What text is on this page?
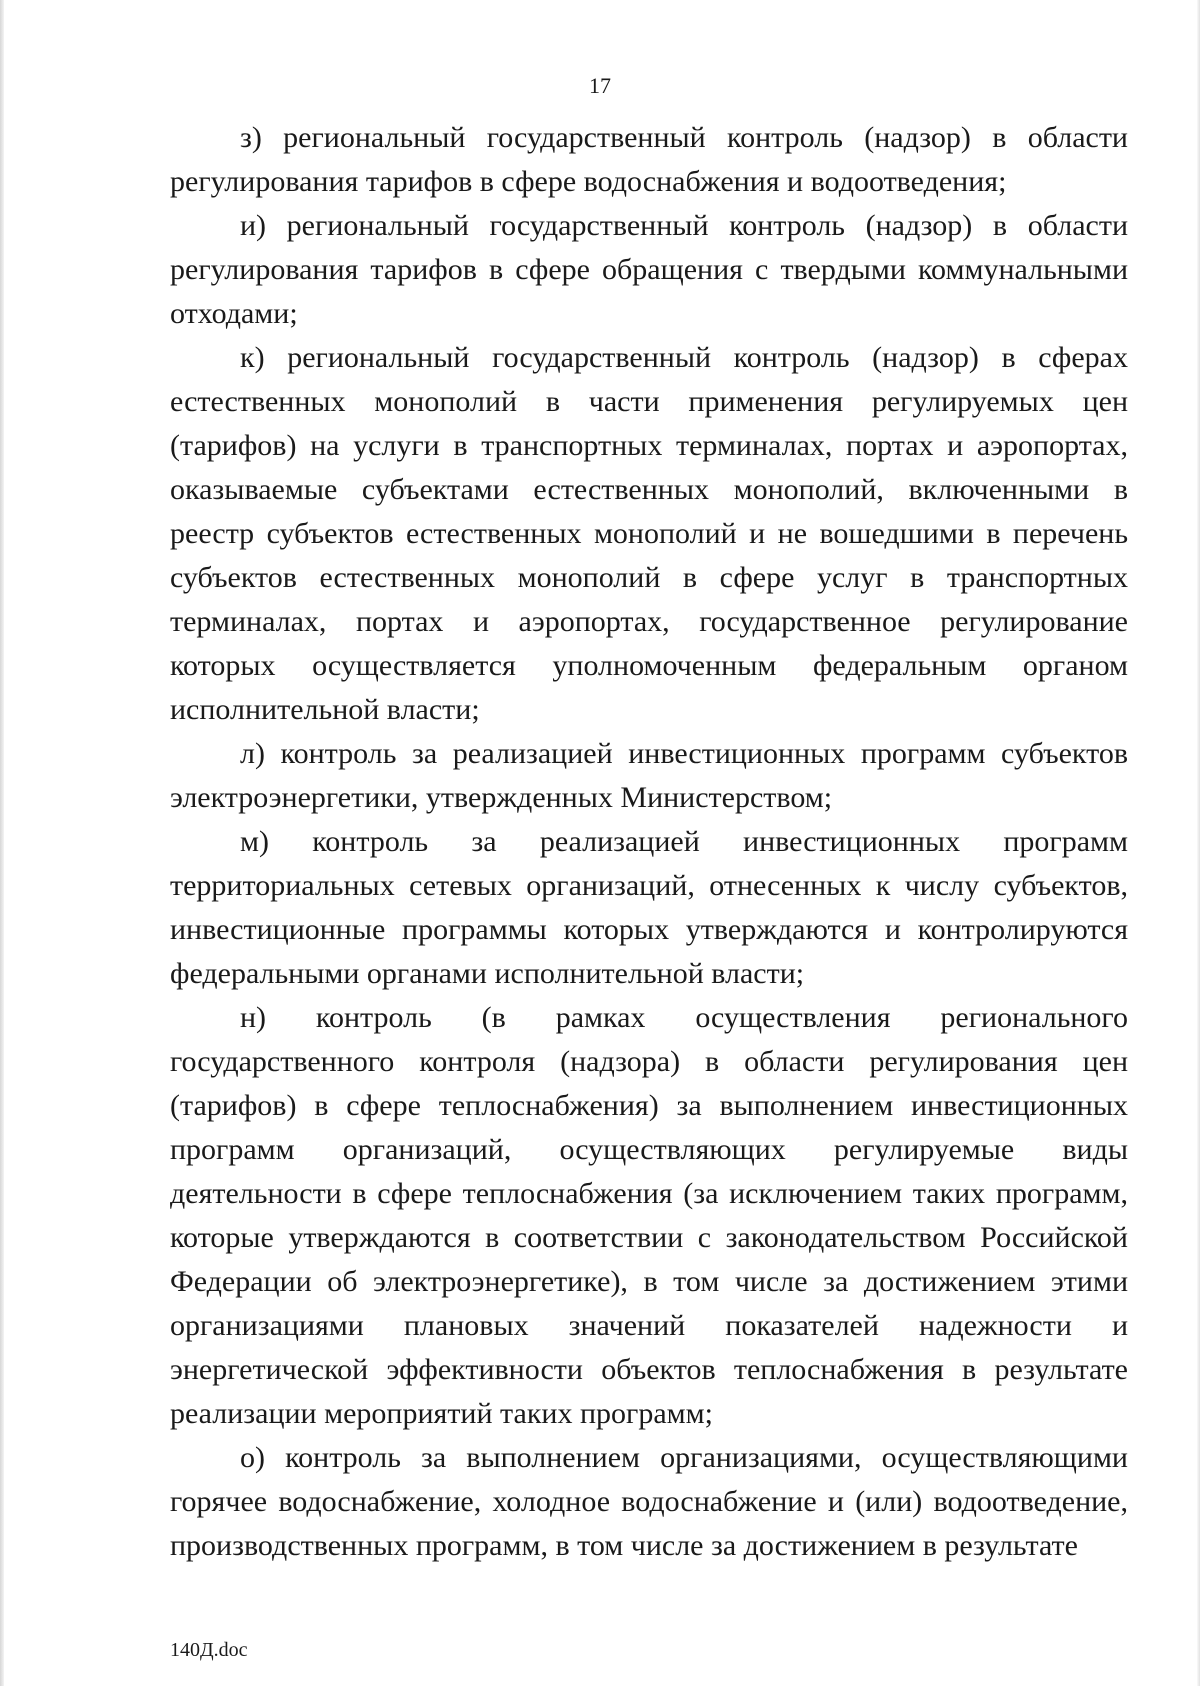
17

з) региональный государственный контроль (надзор) в области регулирования тарифов в сфере водоснабжения и водоотведения;

и) региональный государственный контроль (надзор) в области регулирования тарифов в сфере обращения с твердыми коммунальными отходами;

к) региональный государственный контроль (надзор) в сферах естественных монополий в части применения регулируемых цен (тарифов) на услуги в транспортных терминалах, портах и аэропортах, оказываемые субъектами естественных монополий, включенными в реестр субъектов естественных монополий и не вошедшими в перечень субъектов естественных монополий в сфере услуг в транспортных терминалах, портах и аэропортах, государственное регулирование которых осуществляется уполномоченным федеральным органом исполнительной власти;

л) контроль за реализацией инвестиционных программ субъектов электроэнергетики, утвержденных Министерством;

м) контроль за реализацией инвестиционных программ территориальных сетевых организаций, отнесенных к числу субъектов, инвестиционные программы которых утверждаются и контролируются федеральными органами исполнительной власти;

н) контроль (в рамках осуществления регионального государственного контроля (надзора) в области регулирования цен (тарифов) в сфере теплоснабжения) за выполнением инвестиционных программ организаций, осуществляющих регулируемые виды деятельности в сфере теплоснабжения (за исключением таких программ, которые утверждаются в соответствии с законодательством Российской Федерации об электроэнергетике), в том числе за достижением этими организациями плановых значений показателей надежности и энергетической эффективности объектов теплоснабжения в результате реализации мероприятий таких программ;

о) контроль за выполнением организациями, осуществляющими горячее водоснабжение, холодное водоснабжение и (или) водоотведение, производственных программ, в том числе за достижением в результате

140Д.doc
